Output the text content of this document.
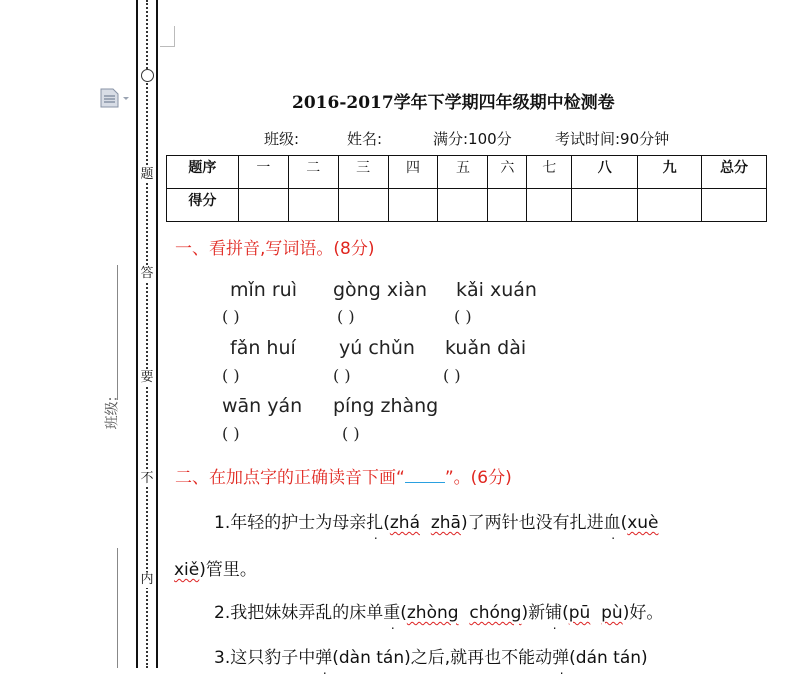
题
答
要
不
内
班级:
2016-2017学年下学期四年级期中检测卷
班级:	姓名:	满分:100分	考试时间:90分钟
题序	一	二	三	四	五	六	七	八	九	总分
得分										
一、看拼音,写词语。(8分)
mǐn ruì gòng xiàn kǎi xuán
( )	( )	( )
fǎn huí yú chǔn kuǎn dài
( )	( )	( )
wān yán píng zhàng
( )	( )
二、在加点字的正确读音下画“ ”。(6分)
1.年轻的护士为母亲扎(zhá zhā)了两针也没有扎进血(xuè
xiě)管里。
2.我把妹妹弄乱的床单重(zhòng chóng)新铺(pū pù)好。
3.这只豹子中弹(dàn tán)之后,就再也不能动弹(dán tán)
